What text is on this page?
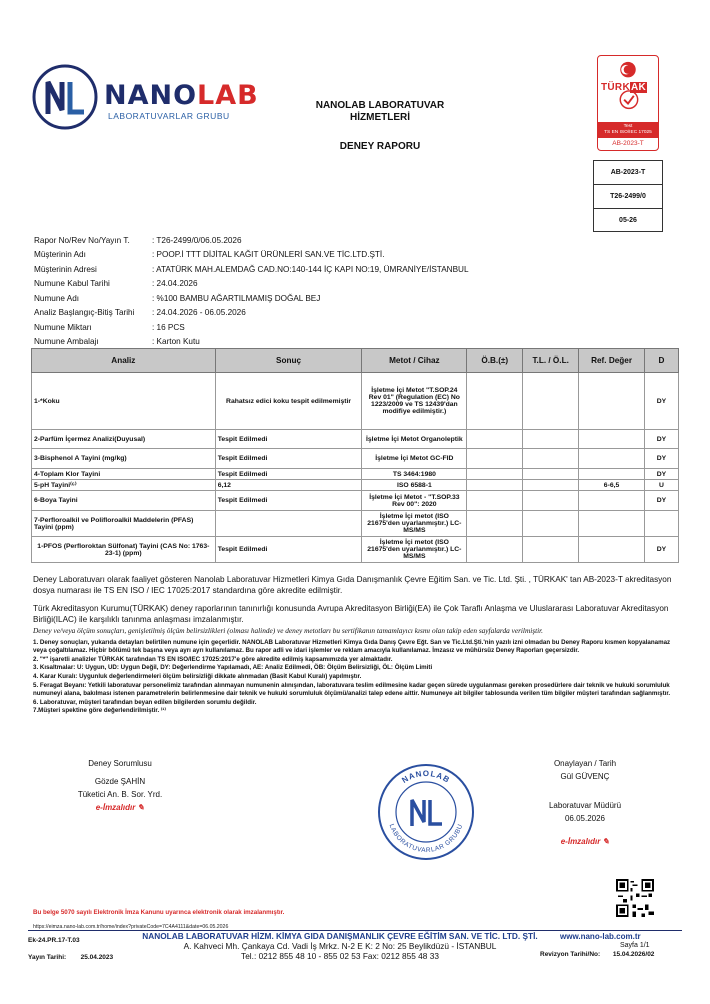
NANOLAB
LABORATUVARLAR GRUBU
NANOLAB LABORATUVAR
HİZMETLERİ
DENEY RAPORU
TÜRKAK
Test
TS EN ISO/IEC 17025
AB-2023-T
AB-2023-T
T26-2499/0
05-26
Rapor No/Rev No/Yayın T.	: T26-2499/0/06.05.2026
Müşterinin Adı	: POOP.İ TTT DİJİTAL KAĞIT ÜRÜNLERİ SAN.VE TİC.LTD.ŞTİ.
Müşterinin Adresi	: ATATÜRK MAH.ALEMDAĞ CAD.NO:140-144 İÇ KAPI NO:19, ÜMRANİYE/İSTANBUL
Numune Kabul Tarihi	: 24.04.2026
Numune Adı	: %100 BAMBU AĞARTILMAMIŞ DOĞAL BEJ
Analiz Başlangıç-Bitiş Tarihi	: 24.04.2026 - 06.05.2026
Numune Miktarı	: 16 PCS
Numune Ambalajı	: Karton Kutu
Analiz	Sonuç	Metot / Cihaz	Ö.B.(±)	T.L. / Ö.L.	Ref. Değer	D
1-*Koku	Rahatsız edici koku tespit edilmemiştir	İşletme İçi Metot "T.SOP.24 Rev 01" (Regulation (EC) No 1223/2009 ve TS 12439'dan modifiye edilmiştir.)				DY
2-Parfüm İçermez Analizi(Duyusal)	Tespit Edilmedi	İşletme İçi Metot Organoleptik				DY
3-Bisphenol A Tayini (mg/kg)	Tespit Edilmedi	İşletme İçi Metot GC-FID				DY
4-Toplam Klor Tayini	Tespit Edilmedi	TS 3464:1980				DY
5-pH Tayini⁽⁶⁾	6,12	ISO 6588-1			6-6,5	U
6-Boya Tayini	Tespit Edilmedi	İşletme İçi Metot - "T.SOP.33 Rev 00": 2020				DY
7-Perfloroalkil ve Polifloroalkil Maddelerin (PFAS) Tayini (ppm)		İşletme İçi metot (ISO 21675'den uyarlanmıştır.) LC-MS/MS				
1-PFOS (Perfloroktan Sülfonat) Tayini (CAS No: 1763-23-1) (ppm)	Tespit Edilmedi	İşletme İçi metot (ISO 21675'den uyarlanmıştır.) LC-MS/MS				DY
Deney Laboratuvarı olarak faaliyet gösteren Nanolab Laboratuvar Hizmetleri Kimya Gıda Danışmanlık Çevre Eğitim San. ve Tic. Ltd. Şti. , TÜRKAK' tan AB-2023-T akreditasyon dosya numarası ile TS EN ISO / IEC 17025:2017 standardına göre akredite edilmiştir.
Türk Akreditasyon Kurumu(TÜRKAK) deney raporlarının tanınırlığı konusunda Avrupa Akreditasyon Birliği(EA) ile Çok Taraflı Anlaşma ve Uluslararası Laboratuvar Akreditasyon Birliği(ILAC) ile karşılıklı tanınma anlaşması imzalanmıştır.
Deney ve/veya ölçüm sonuçları, genişletilmiş ölçüm belirsizlikleri (olması halinde) ve deney metotları bu sertifikanın tamamlayıcı kısmı olan takip eden sayfalarda verilmiştir.
1. Deney sonuçları, yukarıda detayları belirtilen numune için geçerlidir. NANOLAB Laboratuvar Hizmetleri Kimya Gıda Danış Çevre Eğt. San ve Tic.Ltd.Şti.'nin yazılı izni olmadan bu Deney Raporu kısmen kopyalanamaz veya çoğaltılamaz. Hiçbir bölümü tek başına veya ayrı ayrı kullanılamaz. Bu rapor adli ve idari işlemler ve reklam amacıyla kullanılamaz. İmzasız ve mühürsüz Deney Raporları geçersizdir.
2. "*" işaretli analizler TÜRKAK tarafından TS EN ISO/IEC 17025:2017'e göre akredite edilmiş kapsamımızda yer almaktadır.
3. Kısaltmalar: U: Uygun, UD: Uygun Değil, DY: Değerlendirme Yapılamadı, AE: Analiz Edilmedi, ÖB: Ölçüm Belirsizliği, ÖL: Ölçüm Limiti
4. Karar Kuralı: Uygunluk değerlendirmeleri ölçüm belirsizliği dikkate alınmadan (Basit Kabul Kuralı) yapılmıştır.
5. Feragat Beyanı: Yetkili laboratuvar personelimiz tarafından alınmayan numunenin alınışından, laboratuvara teslim edilmesine kadar geçen sürede uygulanması gereken prosedürlere dair teknik ve hukuki sorumluluk numuneyi alana, bakılması istenen parametrelerin belirlenmesine dair teknik ve hukuki sorumluluk ölçümü/analizi talep edene aittir. Numuneye ait bilgiler tablosunda verilen tüm bilgiler müşteri tarafından sağlanmıştır.
6. Laboratuvar, müşteri tarafından beyan edilen bilgilerden sorumlu değildir.
7.Müşteri spektine göre değerlendirilmiştir. ⁽¹⁾
Deney Sorumlusu
Gözde ŞAHİN
Tüketici An. B. Sor. Yrd.
e-İmzalıdır ✎
NANOLAB
LABORATUVARLAR GRUBU
Onaylayan / Tarih
Gül GÜVENÇ
Laboratuvar Müdürü
06.05.2026
e-İmzalıdır ✎
Bu belge 5070 sayılı Elektronik İmza Kanunu uyarınca elektronik olarak imzalanmıştır.
https://eimza.nano-lab.com.tr/home/index?privateCode=7C4A4111&date=06.05.2026
Ek-24.PR.17-T.03	NANOLAB LABORATUVAR HİZM. KİMYA GIDA DANIŞMANLIK ÇEVRE EĞİTİM SAN. VE TİC. LTD. ŞTİ.
A. Kahveci Mh. Çankaya Cd. Vadi İş Mrkz. N-2 E K: 2 No: 25 Beylikdüzü - İSTANBUL
Tel.: 0212 855 48 10 - 855 02 53 Fax: 0212 855 48 33
www.nano-lab.com.tr
Sayfa 1/1
Yayın Tarihi: 25.04.2023	Revizyon Tarihi/No: 15.04.2026/02
